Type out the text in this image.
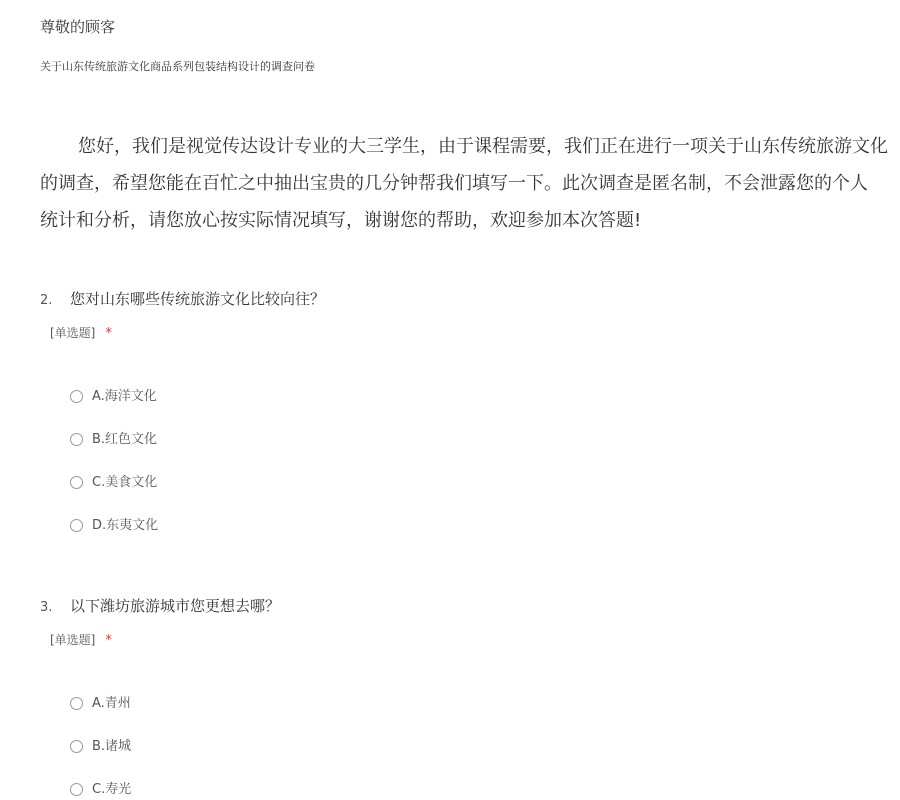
尊敬的顾客
关于山东传统旅游文化商品系列包装结构设计的调查问卷
您好，我们是视觉传达设计专业的大三学生，由于课程需要，我们正在进行一项关于山东传统旅游文化
的调查，希望您能在百忙之中抽出宝贵的几分钟帮我们填写一下。此次调查是匿名制，不会泄露您的个人
统计和分析，请您放心按实际情况填写，谢谢您的帮助，欢迎参加本次答题!
2. 您对山东哪些传统旅游文化比较向往？
[单选题] *
A.海洋文化
B.红色文化
C.美食文化
D.东夷文化
3. 以下潍坊旅游城市您更想去哪？
[单选题] *
A.青州
B.诸城
C.寿光
